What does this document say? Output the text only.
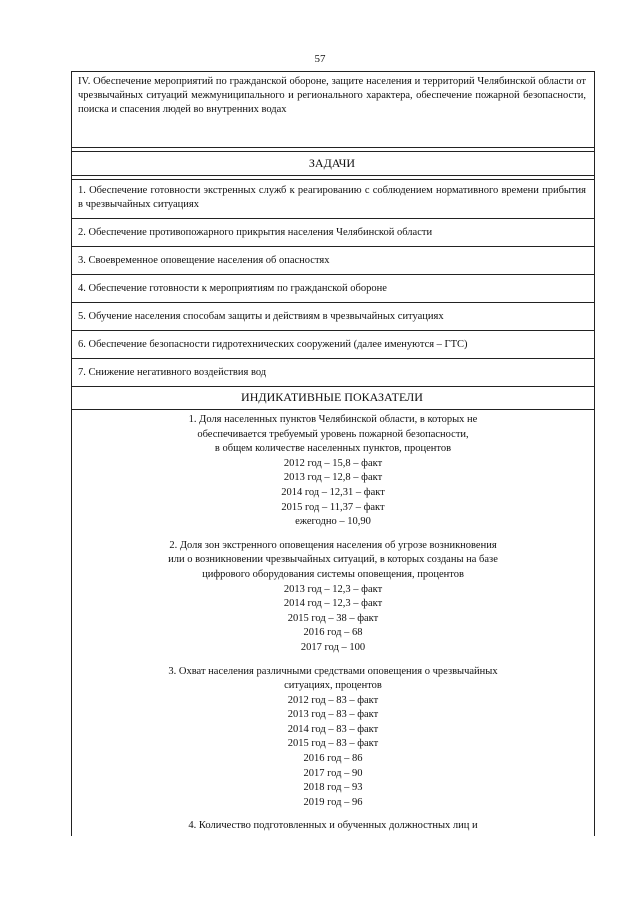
57
IV. Обеспечение мероприятий по гражданской обороне, защите населения и территорий Челябинской области от чрезвычайных ситуаций межмуниципального и регионального характера, обеспечение пожарной безопасности, поиска и спасения людей во внутренних водах
ЗАДАЧИ
1. Обеспечение готовности экстренных служб к реагированию с соблюдением нормативного времени прибытия в чрезвычайных ситуациях
2. Обеспечение противопожарного прикрытия населения Челябинской области
3. Своевременное оповещение населения об опасностях
4. Обеспечение готовности к мероприятиям по гражданской обороне
5. Обучение населения способам защиты и действиям в чрезвычайных ситуациях
6. Обеспечение безопасности гидротехнических сооружений (далее именуются – ГТС)
7. Снижение негативного воздействия вод
ИНДИКАТИВНЫЕ ПОКАЗАТЕЛИ
1. Доля населенных пунктов Челябинской области, в которых не
обеспечивается требуемый уровень пожарной безопасности,
в общем количестве населенных пунктов, процентов
2012 год – 15,8 – факт
2013 год – 12,8 – факт
2014 год – 12,31 – факт
2015 год – 11,37 – факт
ежегодно – 10,90
2. Доля зон экстренного оповещения населения об угрозе возникновения
или о возникновении чрезвычайных ситуаций, в которых созданы на базе
цифрового оборудования системы оповещения, процентов
2013 год – 12,3 – факт
2014 год – 12,3 – факт
2015 год – 38 – факт
2016 год – 68
2017 год – 100
3. Охват населения различными средствами оповещения о чрезвычайных
ситуациях, процентов
2012 год – 83 – факт
2013 год – 83 – факт
2014 год – 83 – факт
2015 год – 83 – факт
2016 год – 86
2017 год – 90
2018 год – 93
2019 год – 96
4. Количество подготовленных и обученных должностных лиц и
